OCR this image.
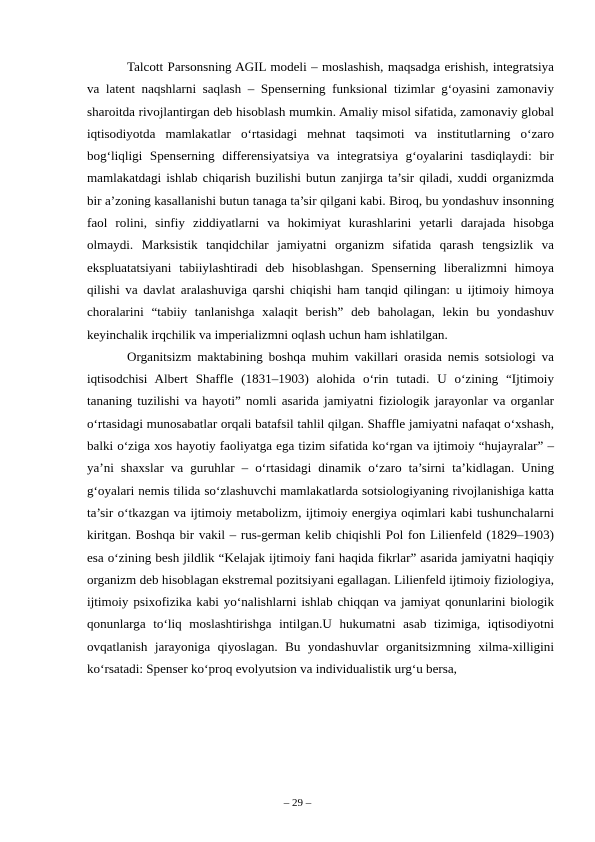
Talcott Parsonsning AGIL modeli – moslashish, maqsadga erishish, integratsiya va latent naqshlarni saqlash – Spenserning funksional tizimlar g‘oyasini zamonaviy sharoitda rivojlantirgan deb hisoblash mumkin. Amaliy misol sifatida, zamonaviy global iqtisodiyotda mamlakatlar o‘rtasidagi mehnat taqsimoti va institutlarning o‘zaro bog‘liqligi Spenserning differensiyatsiya va integratsiya g‘oyalarini tasdiqlaydi: bir mamlakatdagi ishlab chiqarish buzilishi butun zanjirga ta’sir qiladi, xuddi organizmda bir a’zoning kasallanishi butun tanaga ta’sir qilgani kabi. Biroq, bu yondashuv insonning faol rolini, sinfiy ziddiyatlarni va hokimiyat kurashlarini yetarli darajada hisobga olmaydi. Marksistik tanqidchilar jamiyatni organizm sifatida qarash tengsizlik va ekspluatatsiyani tabiiylashtiradi deb hisoblashgan. Spenserning liberalizmni himoya qilishi va davlat aralashuviga qarshi chiqishi ham tanqid qilingan: u ijtimoiy himoya choralarini “tabiiy tanlanishga xalaqit berish” deb baholagan, lekin bu yondashuv keyinchalik irqchilik va imperializmni oqlash uchun ham ishlatilgan.

Organitsizm maktabining boshqa muhim vakillari orasida nemis sotsiologi va iqtisodchisi Albert Shaffle (1831–1903) alohida o‘rin tutadi. U o‘zining “Ijtimoiy tananing tuzilishi va hayoti” nomli asarida jamiyatni fiziologik jarayonlar va organlar o‘rtasidagi munosabatlar orqali batafsil tahlil qilgan. Shaffle jamiyatni nafaqat o‘xshash, balki o‘ziga xos hayotiy faoliyatga ega tizim sifatida ko‘rgan va ijtimoiy “hujayralar” – ya’ni shaxslar va guruhlar – o‘rtasidagi dinamik o‘zaro ta’sirni ta’kidlagan. Uning g‘oyalari nemis tilida so‘zlashuvchi mamlakatlarda sotsiologiyaning rivojlanishiga katta ta’sir o‘tkazgan va ijtimoiy metabolizm, ijtimoiy energiya oqimlari kabi tushunchalarni kiritgan. Boshqa bir vakil – rus-german kelib chiqishli Pol fon Lilienfeld (1829–1903) esa o‘zining besh jildlik “Kelajak ijtimoiy fani haqida fikrlar” asarida jamiyatni haqiqiy organizm deb hisoblagan ekstremal pozitsiyani egallagan. Lilienfeld ijtimoiy fiziologiya, ijtimoiy psixofizika kabi yo‘nalishlarni ishlab chiqqan va jamiyat qonunlarini biologik qonunlarga to‘liq moslashtirishga intilgan.U hukumatni asab tizimiga, iqtisodiyotni ovqatlanish jarayoniga qiyoslagan. Bu yondashuvlar organitsizmning xilma-xilligini ko‘rsatadi: Spenser ko‘proq evolyutsion va individualistik urg‘u bersa,

– 29 –
